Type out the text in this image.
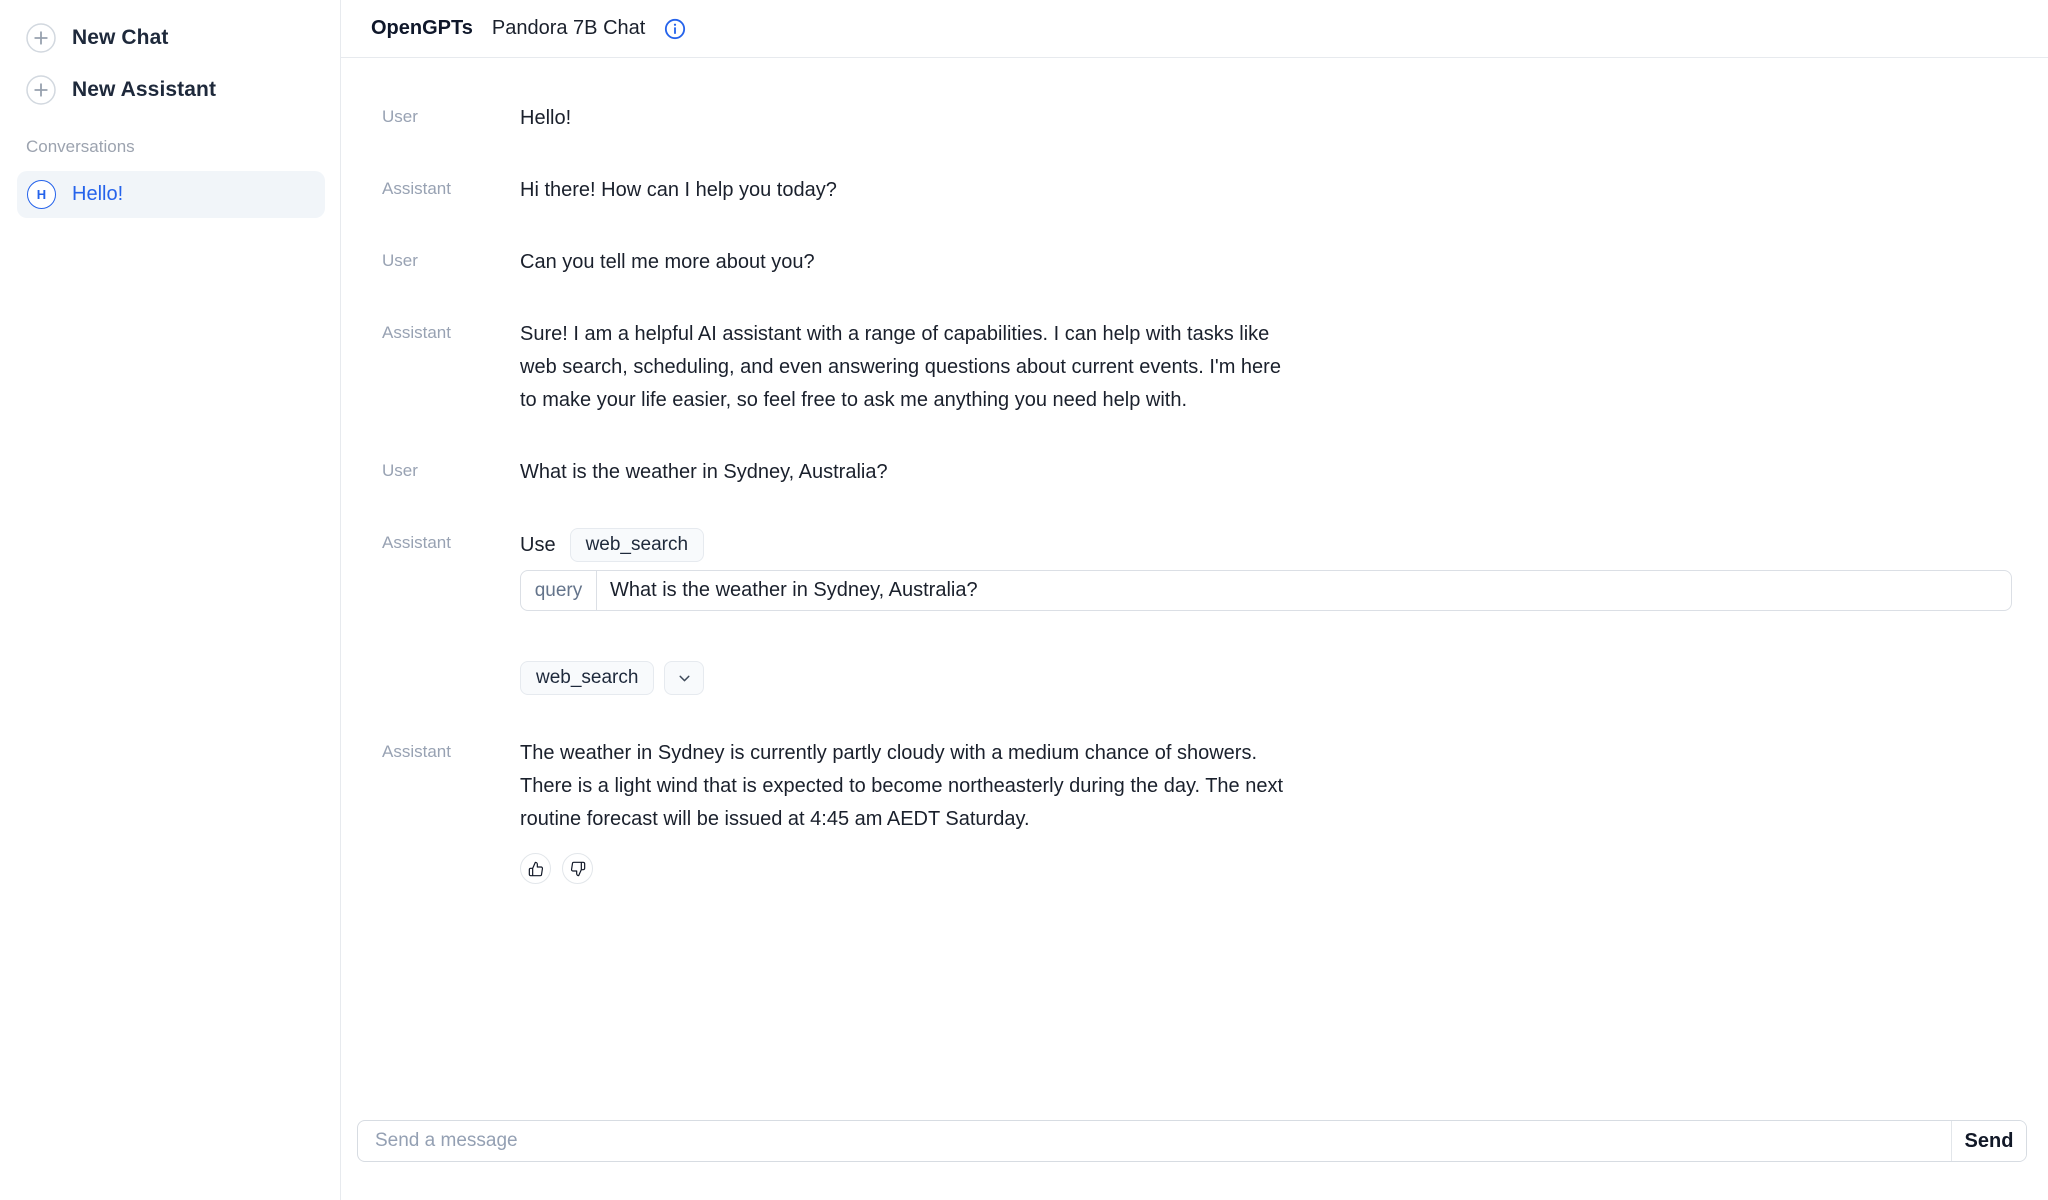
New Chat
New Assistant
Conversations
H	Hello!
OpenGPTs Pandora 7B Chat
User	Hello!
Assistant	Hi there! How can I help you today?
User	Can you tell me more about you?
Assistant	Sure! I am a helpful AI assistant with a range of capabilities. I can help with tasks like web search, scheduling, and even answering questions about current events. I'm here to make your life easier, so feel free to ask me anything you need help with.
User	What is the weather in Sydney, Australia?
Assistant	Use	web_search
query	What is the weather in Sydney, Australia?
web_search
Assistant	The weather in Sydney is currently partly cloudy with a medium chance of showers. There is a light wind that is expected to become northeasterly during the day. The next routine forecast will be issued at 4:45 am AEDT Saturday.
Send a message
Send
